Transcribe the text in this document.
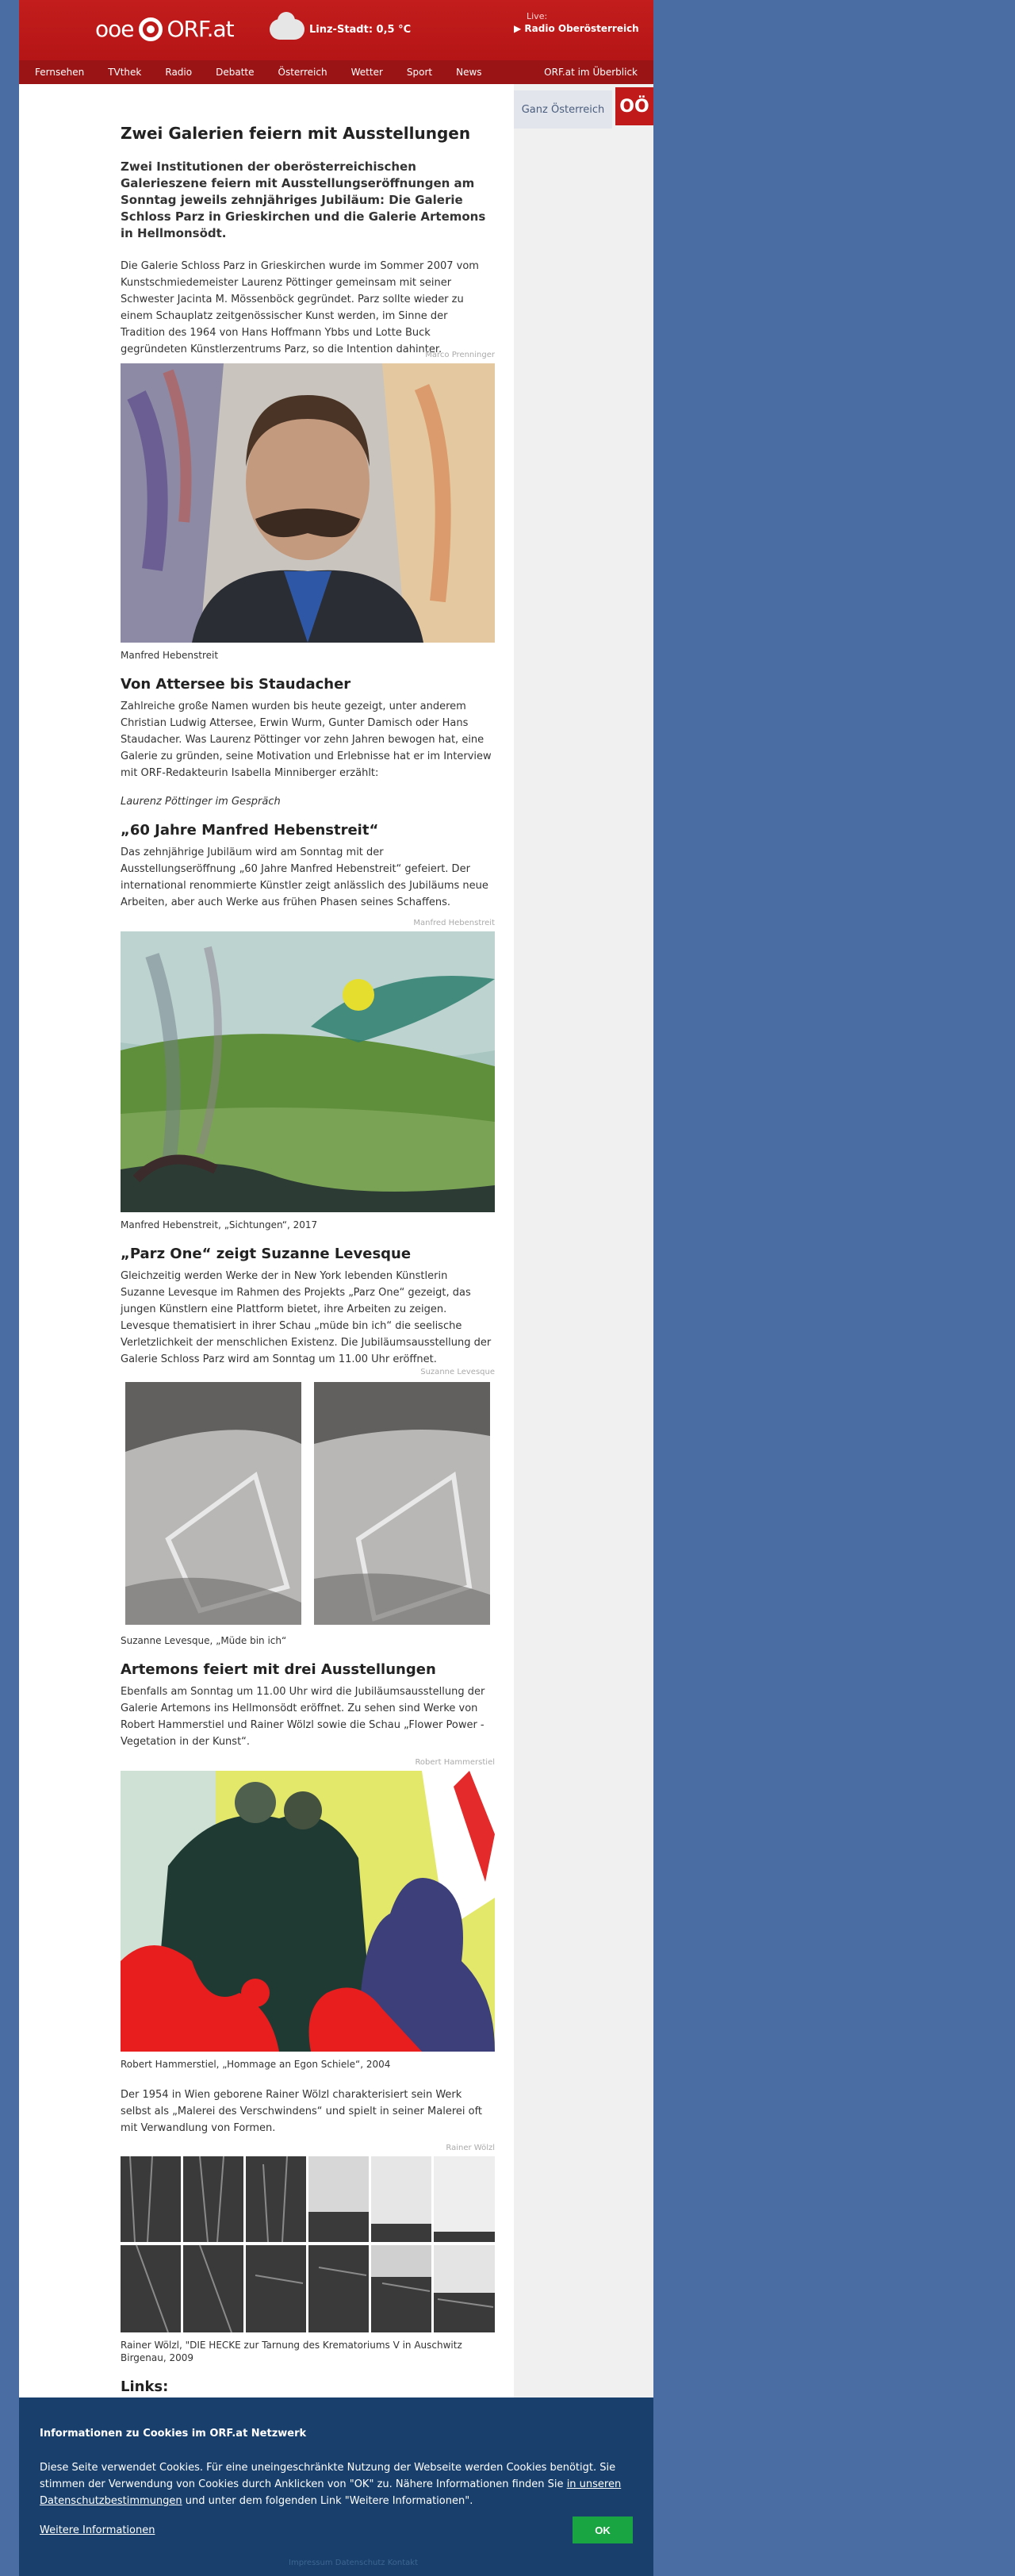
ooe ORF.at	Linz-Stadt: 0,5 °C
Live:
▶ Radio Oberösterreich
Fernsehen	TVthek	Radio	Debatte	Österreich	Wetter	Sport	News	ORF.at im Überblick
Ganz Österreich OÖ
Zwei Galerien feiern mit Ausstellungen
Zwei Institutionen der oberösterreichischen Galerieszene feiern mit Ausstellungseröffnungen am Sonntag jeweils zehnjähriges Jubiläum: Die Galerie Schloss Parz in Grieskirchen und die Galerie Artemons in Hellmonsödt.

Die Galerie Schloss Parz in Grieskirchen wurde im Sommer 2007 vom Kunstschmiedemeister Laurenz Pöttinger gemeinsam mit seiner Schwester Jacinta M. Mössenböck gegründet. Parz sollte wieder zu einem Schauplatz zeitgenössischer Kunst werden, im Sinne der Tradition des 1964 von Hans Hoffmann Ybbs und Lotte Buck gegründeten Künstlerzentrums Parz, so die Intention dahinter.

Marco Prenninger
Manfred Hebenstreit
Von Attersee bis Staudacher

Zahlreiche große Namen wurden bis heute gezeigt, unter anderem Christian Ludwig Attersee, Erwin Wurm, Gunter Damisch oder Hans Staudacher. Was Laurenz Pöttinger vor zehn Jahren bewogen hat, eine Galerie zu gründen, seine Motivation und Erlebnisse hat er im Interview mit ORF-Redakteurin Isabella Minniberger erzählt:

Laurenz Pöttinger im Gespräch

„60 Jahre Manfred Hebenstreit“

Das zehnjährige Jubiläum wird am Sonntag mit der Ausstellungseröffnung „60 Jahre Manfred Hebenstreit“ gefeiert. Der international renommierte Künstler zeigt anlässlich des Jubiläums neue Arbeiten, aber auch Werke aus frühen Phasen seines Schaffens.

Manfred Hebenstreit
Manfred Hebenstreit, „Sichtungen“, 2017
„Parz One“ zeigt Suzanne Levesque

Gleichzeitig werden Werke der in New York lebenden Künstlerin Suzanne Levesque im Rahmen des Projekts „Parz One“ gezeigt, das jungen Künstlern eine Plattform bietet, ihre Arbeiten zu zeigen. Levesque thematisiert in ihrer Schau „müde bin ich“ die seelische Verletzlichkeit der menschlichen Existenz. Die Jubiläumsausstellung der Galerie Schloss Parz wird am Sonntag um 11.00 Uhr eröffnet.

Suzanne Levesque
Suzanne Levesque, „Müde bin ich“
Artemons feiert mit drei Ausstellungen

Ebenfalls am Sonntag um 11.00 Uhr wird die Jubiläumsausstellung der Galerie Artemons ins Hellmonsödt eröffnet. Zu sehen sind Werke von Robert Hammerstiel und Rainer Wölzl sowie die Schau „Flower Power - Vegetation in der Kunst“.

Robert Hammerstiel
Robert Hammerstiel, „Hommage an Egon Schiele“, 2004

Der 1954 in Wien geborene Rainer Wölzl charakterisiert sein Werk selbst als „Malerei des Verschwindens“ und spielt in seiner Malerei oft mit Verwandlung von Formen.

Rainer Wölzl
Rainer Wölzl, "DIE HECKE zur Tarnung des Krematoriums V in Auschwitz Birgenau, 2009
Links:
Informationen zu Cookies im ORF.at Netzwerk
Diese Seite verwendet Cookies. Für eine uneingeschränkte Nutzung der Webseite werden Cookies benötigt. Sie stimmen der Verwendung von Cookies durch Anklicken von "OK" zu. Nähere Informationen finden Sie in unseren Datenschutzbestimmungen und unter dem folgenden Link "Weitere Informationen".
Weitere Informationen	OK
Impressum Datenschutz Kontakt
